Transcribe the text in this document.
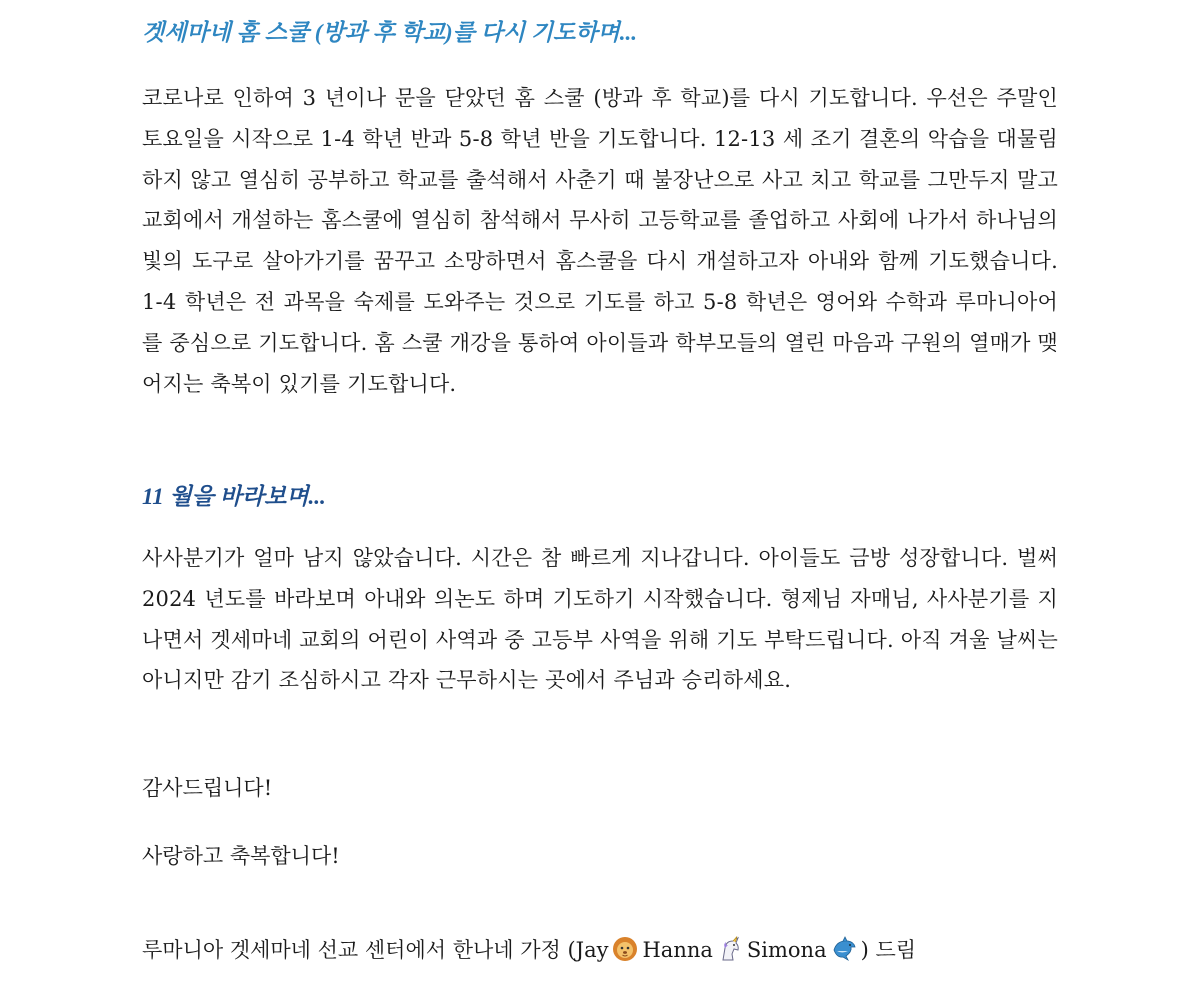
겟세마네 홈 스쿨 (방과 후 학교)를 다시 기도하며...

코로나로 인하여 3 년이나 문을 닫았던 홈 스쿨 (방과 후 학교)를 다시 기도합니다. 우선은 주말인 토요일을 시작으로 1-4 학년 반과 5-8 학년 반을 기도합니다. 12-13 세 조기 결혼의 악습을 대물림 하지 않고 열심히 공부하고 학교를 출석해서 사춘기 때 불장난으로 사고 치고 학교를 그만두지 말고 교회에서 개설하는 홈스쿨에 열심히 참석해서 무사히 고등학교를 졸업하고 사회에 나가서 하나님의 빛의 도구로 살아가기를 꿈꾸고 소망하면서 홈스쿨을 다시 개설하고자 아내와 함께 기도했습니다. 1-4 학년은 전 과목을 숙제를 도와주는 것으로 기도를 하고 5-8 학년은 영어와 수학과 루마니아어를 중심으로 기도합니다. 홈 스쿨 개강을 통하여 아이들과 학부모들의 열린 마음과 구원의 열매가 맺어지는 축복이 있기를 기도합니다.

11 월을 바라보며...

사사분기가 얼마 남지 않았습니다. 시간은 참 빠르게 지나갑니다. 아이들도 금방 성장합니다. 벌써 2024 년도를 바라보며 아내와 의논도 하며 기도하기 시작했습니다. 형제님 자매님, 사사분기를 지나면서 겟세마네 교회의 어린이 사역과 중 고등부 사역을 위해 기도 부탁드립니다. 아직 겨울 날씨는 아니지만 감기 조심하시고 각자 근무하시는 곳에서 주님과 승리하세요.

감사드립니다!

사랑하고 축복합니다!

루마니아 겟세마네 선교 센터에서 한나네 가정 (Jay Hanna Simona ) 드림
